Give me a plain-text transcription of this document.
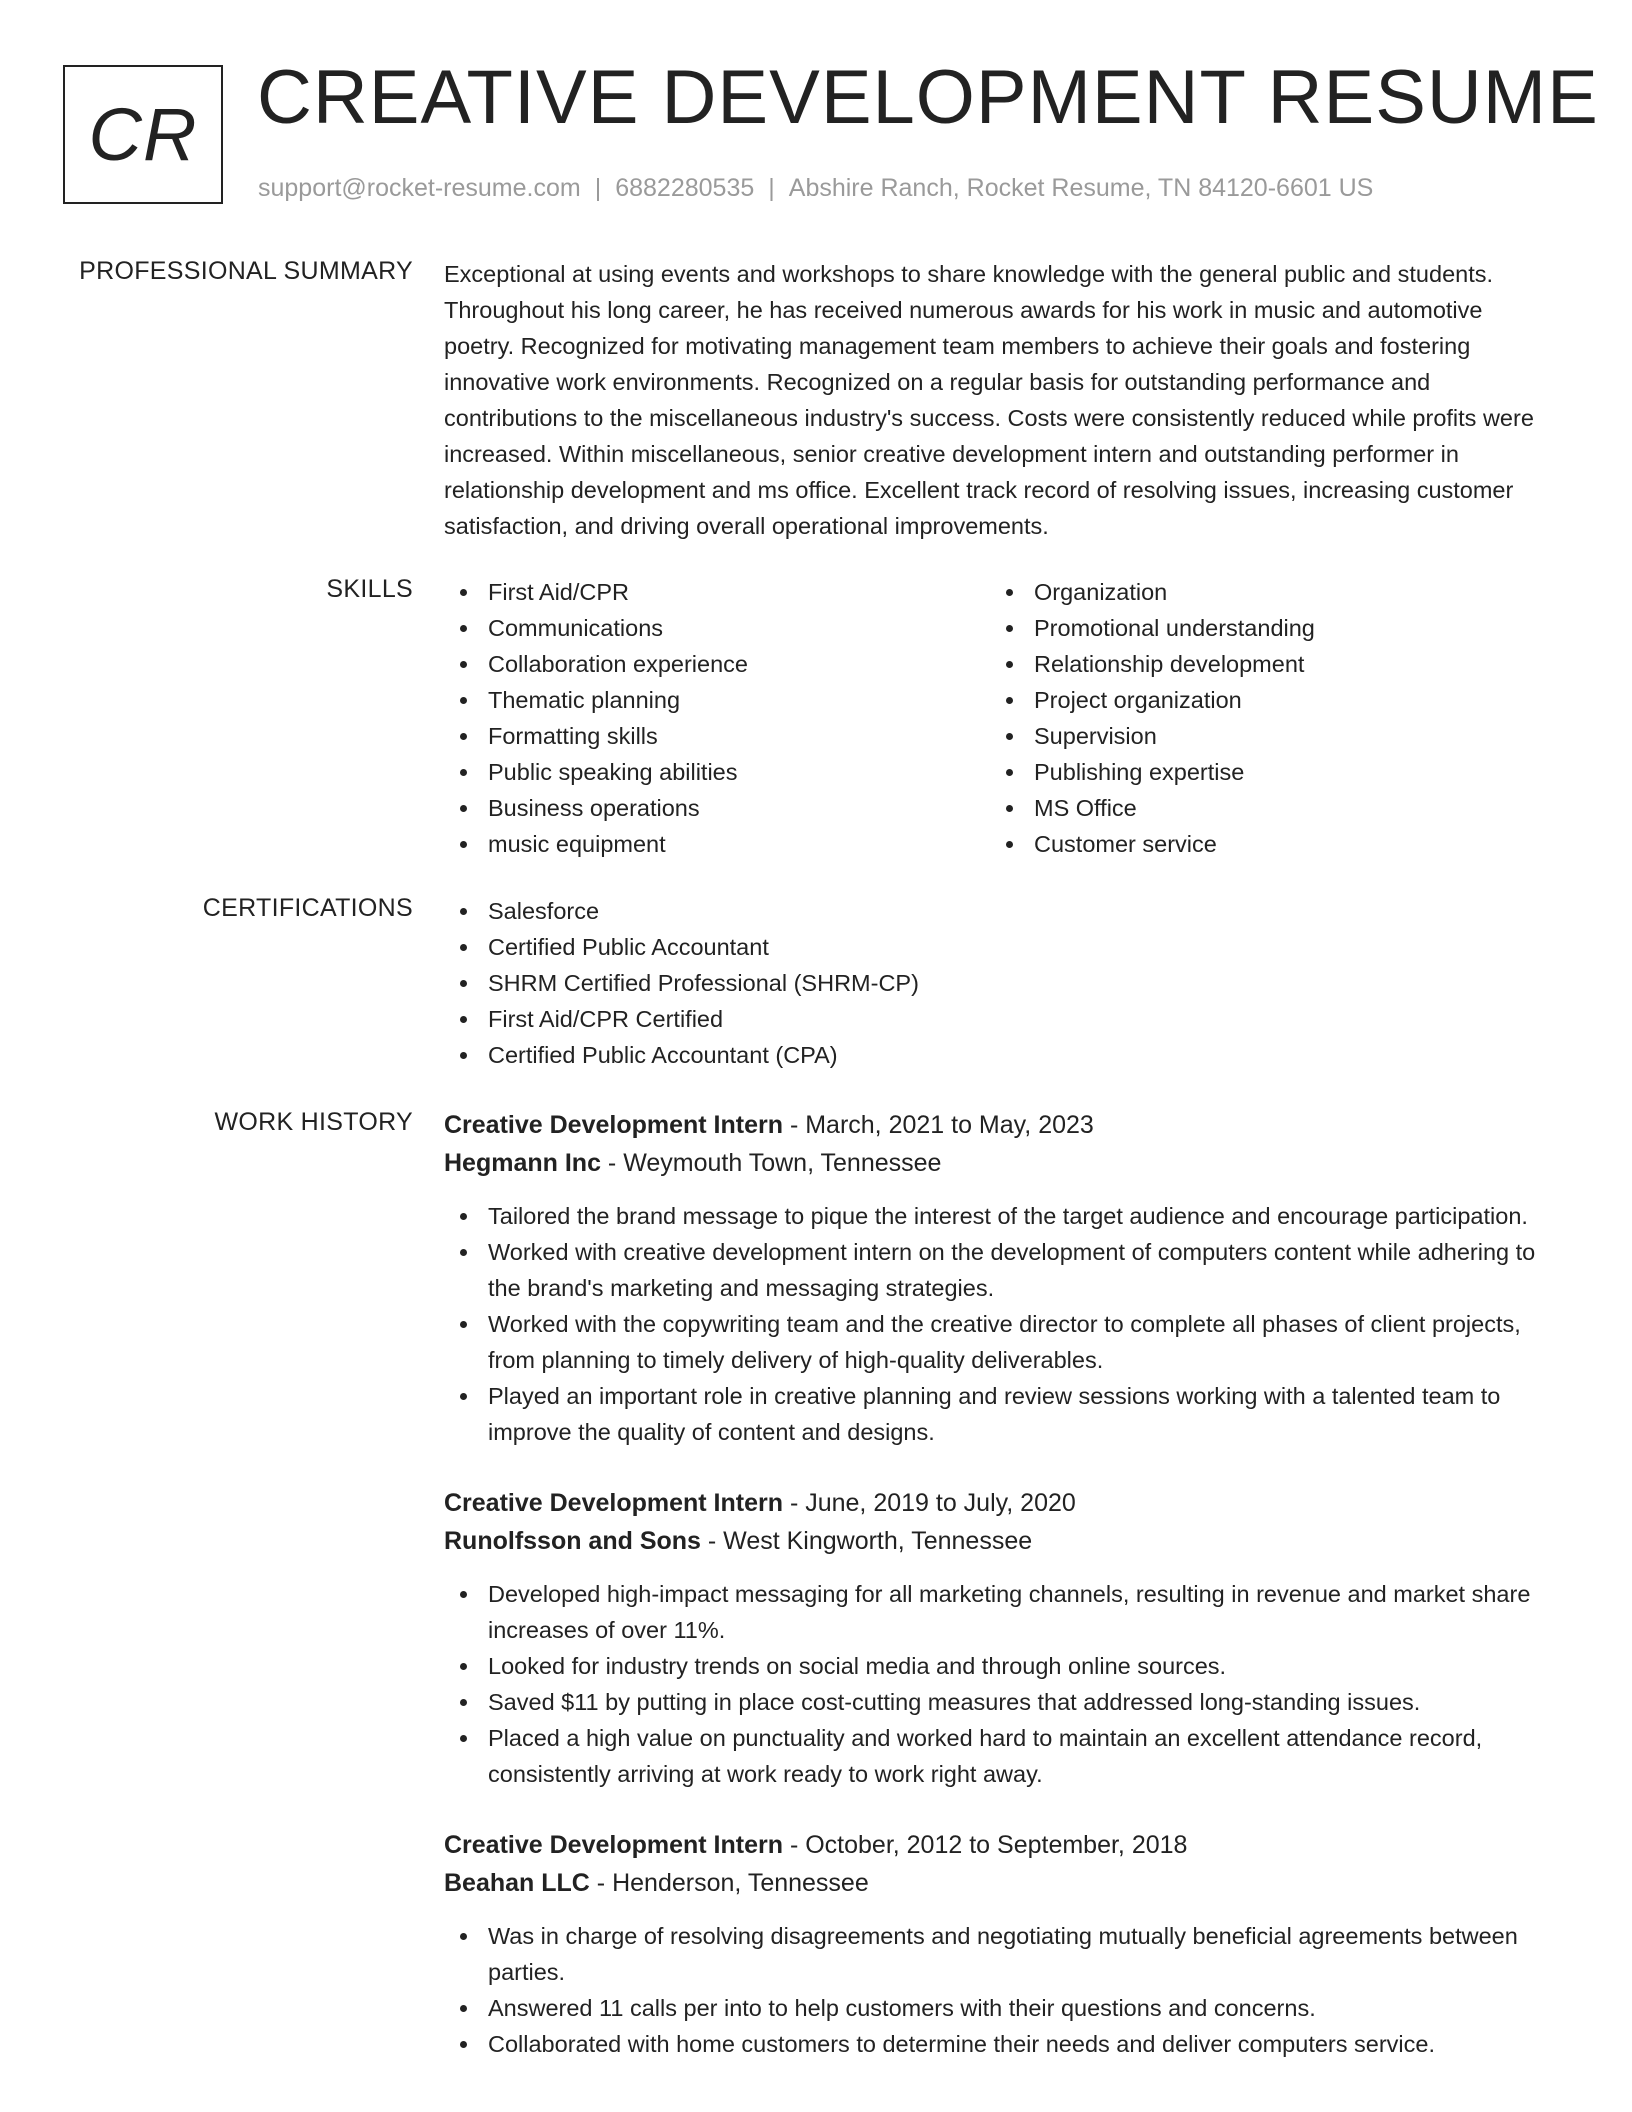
CR CREATIVE DEVELOPMENT RESUME
support@rocket-resume.com | 6882280535 | Abshire Ranch, Rocket Resume, TN 84120-6601 US
PROFESSIONAL SUMMARY Exceptional at using events and workshops to share knowledge with the general public and students. Throughout his long career, he has received numerous awards for his work in music and automotive poetry. Recognized for motivating management team members to achieve their goals and fostering innovative work environments. Recognized on a regular basis for outstanding performance and contributions to the miscellaneous industry's success. Costs were consistently reduced while profits were increased. Within miscellaneous, senior creative development intern and outstanding performer in relationship development and ms office. Excellent track record of resolving issues, increasing customer satisfaction, and driving overall operational improvements.

SKILLS	First Aid/CPR
Communications
Collaboration experience
Thematic planning
Formatting skills
Public speaking abilities
Business operations
music equipment
Organization
Promotional understanding
Relationship development
Project organization
Supervision
Publishing expertise
MS Office
Customer service
CERTIFICATIONS	Salesforce
Certified Public Accountant
SHRM Certified Professional (SHRM-CP)
First Aid/CPR Certified
Certified Public Accountant (CPA)
WORK HISTORY Creative Development Intern - March, 2021 to May, 2023
Hegmann Inc - Weymouth Town, Tennessee
Tailored the brand message to pique the interest of the target audience and encourage participation.
Worked with creative development intern on the development of computers content while adhering to the brand's marketing and messaging strategies.
Worked with the copywriting team and the creative director to complete all phases of client projects, from planning to timely delivery of high-quality deliverables.
Played an important role in creative planning and review sessions working with a talented team to improve the quality of content and designs.
Creative Development Intern - June, 2019 to July, 2020
Runolfsson and Sons - West Kingworth, Tennessee
Developed high-impact messaging for all marketing channels, resulting in revenue and market share increases of over 11%.
Looked for industry trends on social media and through online sources.
Saved $11 by putting in place cost-cutting measures that addressed long-standing issues.
Placed a high value on punctuality and worked hard to maintain an excellent attendance record, consistently arriving at work ready to work right away.
Creative Development Intern - October, 2012 to September, 2018
Beahan LLC - Henderson, Tennessee
Was in charge of resolving disagreements and negotiating mutually beneficial agreements between parties.
Answered 11 calls per into to help customers with their questions and concerns.
Collaborated with home customers to determine their needs and deliver computers service.
